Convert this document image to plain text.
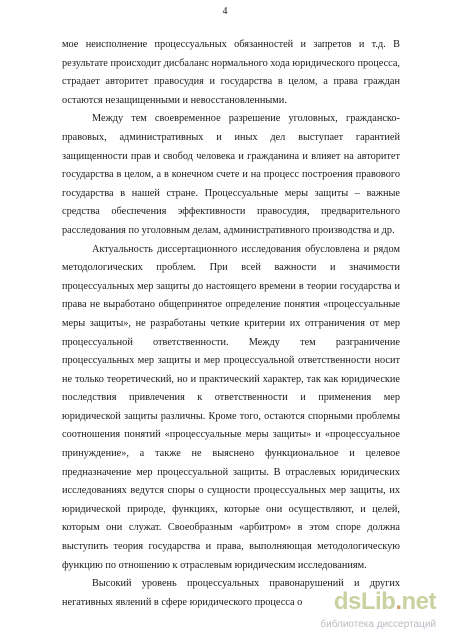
4

мое неисполнение процессуальных обязанностей и запретов и т.д. В результате происходит дисбаланс нормального хода юридического процесса, страдает авторитет правосудия и государства в целом, а права граждан остаются незащищенными и невосстановленными.

Между тем своевременное разрешение уголовных, гражданско-правовых, административных и иных дел выступает гарантией защищенности прав и свобод человека и гражданина и влияет на авторитет государства в целом, а в конечном счете и на процесс построения правового государства в нашей стране. Процессуальные меры защиты – важные средства обеспечения эффективности правосудия, предварительного расследования по уголовным делам, административного производства и др.

Актуальность диссертационного исследования обусловлена и рядом методологических проблем. При всей важности и значимости процессуальных мер защиты до настоящего времени в теории государства и права не выработано общепринятое определение понятия «процессуальные меры защиты», не разработаны четкие критерии их отграничения от мер процессуальной ответственности. Между тем разграничение процессуальных мер защиты и мер процессуальной ответственности носит не только теоретический, но и практический характер, так как юридические последствия привлечения к ответственности и применения мер юридической защиты различны. Кроме того, остаются спорными проблемы соотношения понятий «процессуальные меры защиты» и «процессуальное принуждение», а также не выяснено функциональное и целевое предназначение мер процессуальной защиты. В отраслевых юридических исследованиях ведутся споры о сущности процессуальных мер защиты, их юридической природе, функциях, которые они осуществляют, и целей, которым они служат. Своеобразным «арбитром» в этом споре должна выступить теория государства и права, выполняющая методологическую функцию по отношению к отраслевым юридическим исследованиям.

Высокий уровень процессуальных правонарушений и других негативных явлений в сфере юридического процесса о	dsLib.net
библиотека диссертаций
